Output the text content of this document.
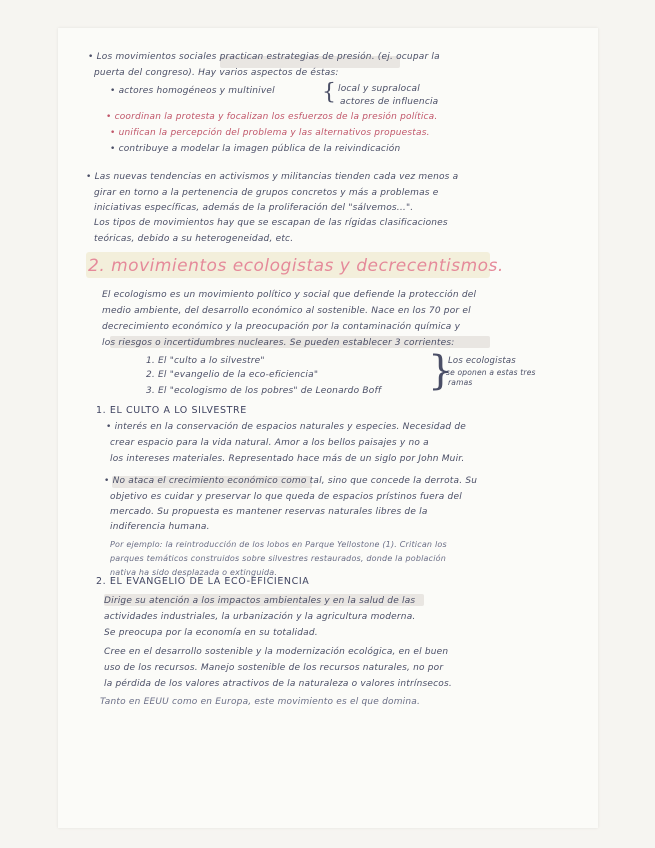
• Los movimientos sociales practican estrategias de presión. (ej. ocupar la
puerta del congreso). Hay varios aspectos de éstas:
• actores homogéneos y multinivel { local y supralocal
actores de influencia
• coordinan la protesta y focalizan los esfuerzos de la presión política.
• unifican la percepción del problema y las alternativos propuestas.
• contribuye a modelar la imagen pública de la reivindicación
• Las nuevas tendencias en activismos y militancias tienden cada vez menos a
girar en torno a la pertenencia de grupos concretos y más a problemas e
iniciativas específicas, además de la proliferación del "sálvemos...".
Los tipos de movimientos hay que se escapan de las rígidas clasificaciones
teóricas, debido a su heterogeneidad, etc.
2. movimientos ecologistas y decrecentismos.
El ecologismo es un movimiento político y social que defiende la protección del
medio ambiente, del desarrollo económico al sostenible. Nace en los 70 por el
decrecimiento económico y la preocupación por la contaminación química y
los riesgos o incertidumbres nucleares. Se pueden establecer 3 corrientes:
1. El "culto a lo silvestre"
2. El "evangelio de la eco-eficiencia"
3. El "ecologismo de los pobres" de Leonardo Boff }
Los ecologistas
se oponen a estas tres
ramas
1. EL CULTO A LO SILVESTRE
• interés en la conservación de espacios naturales y especies. Necesidad de
crear espacio para la vida natural. Amor a los bellos paisajes y no a
los intereses materiales. Representado hace más de un siglo por John Muir.
• No ataca el crecimiento económico como tal, sino que concede la derrota. Su
objetivo es cuidar y preservar lo que queda de espacios prístinos fuera del
mercado. Su propuesta es mantener reservas naturales libres de la
indiferencia humana.
Por ejemplo: la reintroducción de los lobos en Parque Yellostone (1). Critican los
parques temáticos construidos sobre silvestres restaurados, donde la población
nativa ha sido desplazada o extinguida.
2. EL EVANGELIO DE LA ECO-EFICIENCIA
Dirige su atención a los impactos ambientales y en la salud de las
actividades industriales, la urbanización y la agricultura moderna.
Se preocupa por la economía en su totalidad.
Cree en el desarrollo sostenible y la modernización ecológica, en el buen
uso de los recursos. Manejo sostenible de los recursos naturales, no por
la pérdida de los valores atractivos de la naturaleza o valores intrínsecos.
Tanto en EEUU como en Europa, este movimiento es el que domina.
